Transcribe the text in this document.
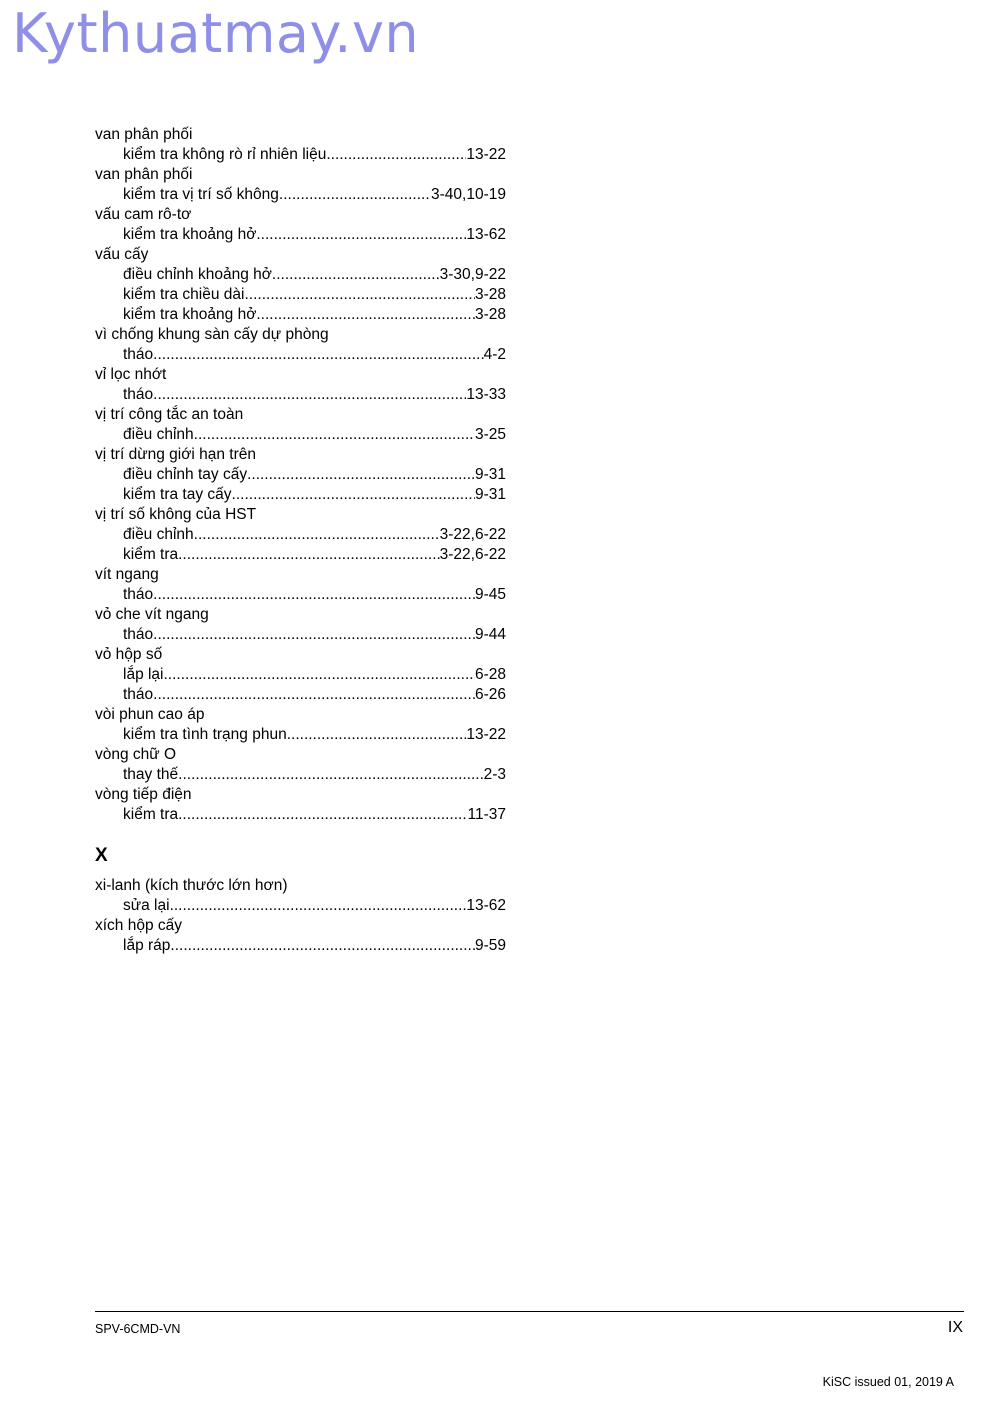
Kythuatmay.vn
van phân phối
kiểm tra không rò rỉ nhiên liệu .....	13-22
van phân phối
kiểm tra vị trí số không .....	3-40,10-19
vấu cam rô-tơ
kiểm tra khoảng hở .....	13-62
vấu cấy
điều chỉnh khoảng hở .....	3-30,9-22
kiểm tra chiều dài .....	3-28
kiểm tra khoảng hở .....	3-28
vì chống khung sàn cấy dự phòng
tháo .....	4-2
vỉ lọc nhớt
tháo .....	13-33
vị trí công tắc an toàn
điều chỉnh .....	3-25
vị trí dừng giới hạn trên
điều chỉnh tay cấy .....	9-31
kiểm tra tay cấy .....	9-31
vị trí số không của HST
điều chỉnh .....	3-22,6-22
kiểm tra .....	3-22,6-22
vít ngang
tháo .....	9-45
vỏ che vít ngang
tháo .....	9-44
vỏ hộp số
lắp lại .....	6-28
tháo .....	6-26
vòi phun cao áp
kiểm tra tình trạng phun .....	13-22
vòng chữ O
thay thế .....	2-3
vòng tiếp điện
kiểm tra .....	11-37
X
xi-lanh (kích thước lớn hơn)
sửa lại .....	13-62
xích hộp cấy
lắp ráp .....	9-59
SPV-6CMD-VN	IX
KiSC issued 01, 2019 A
